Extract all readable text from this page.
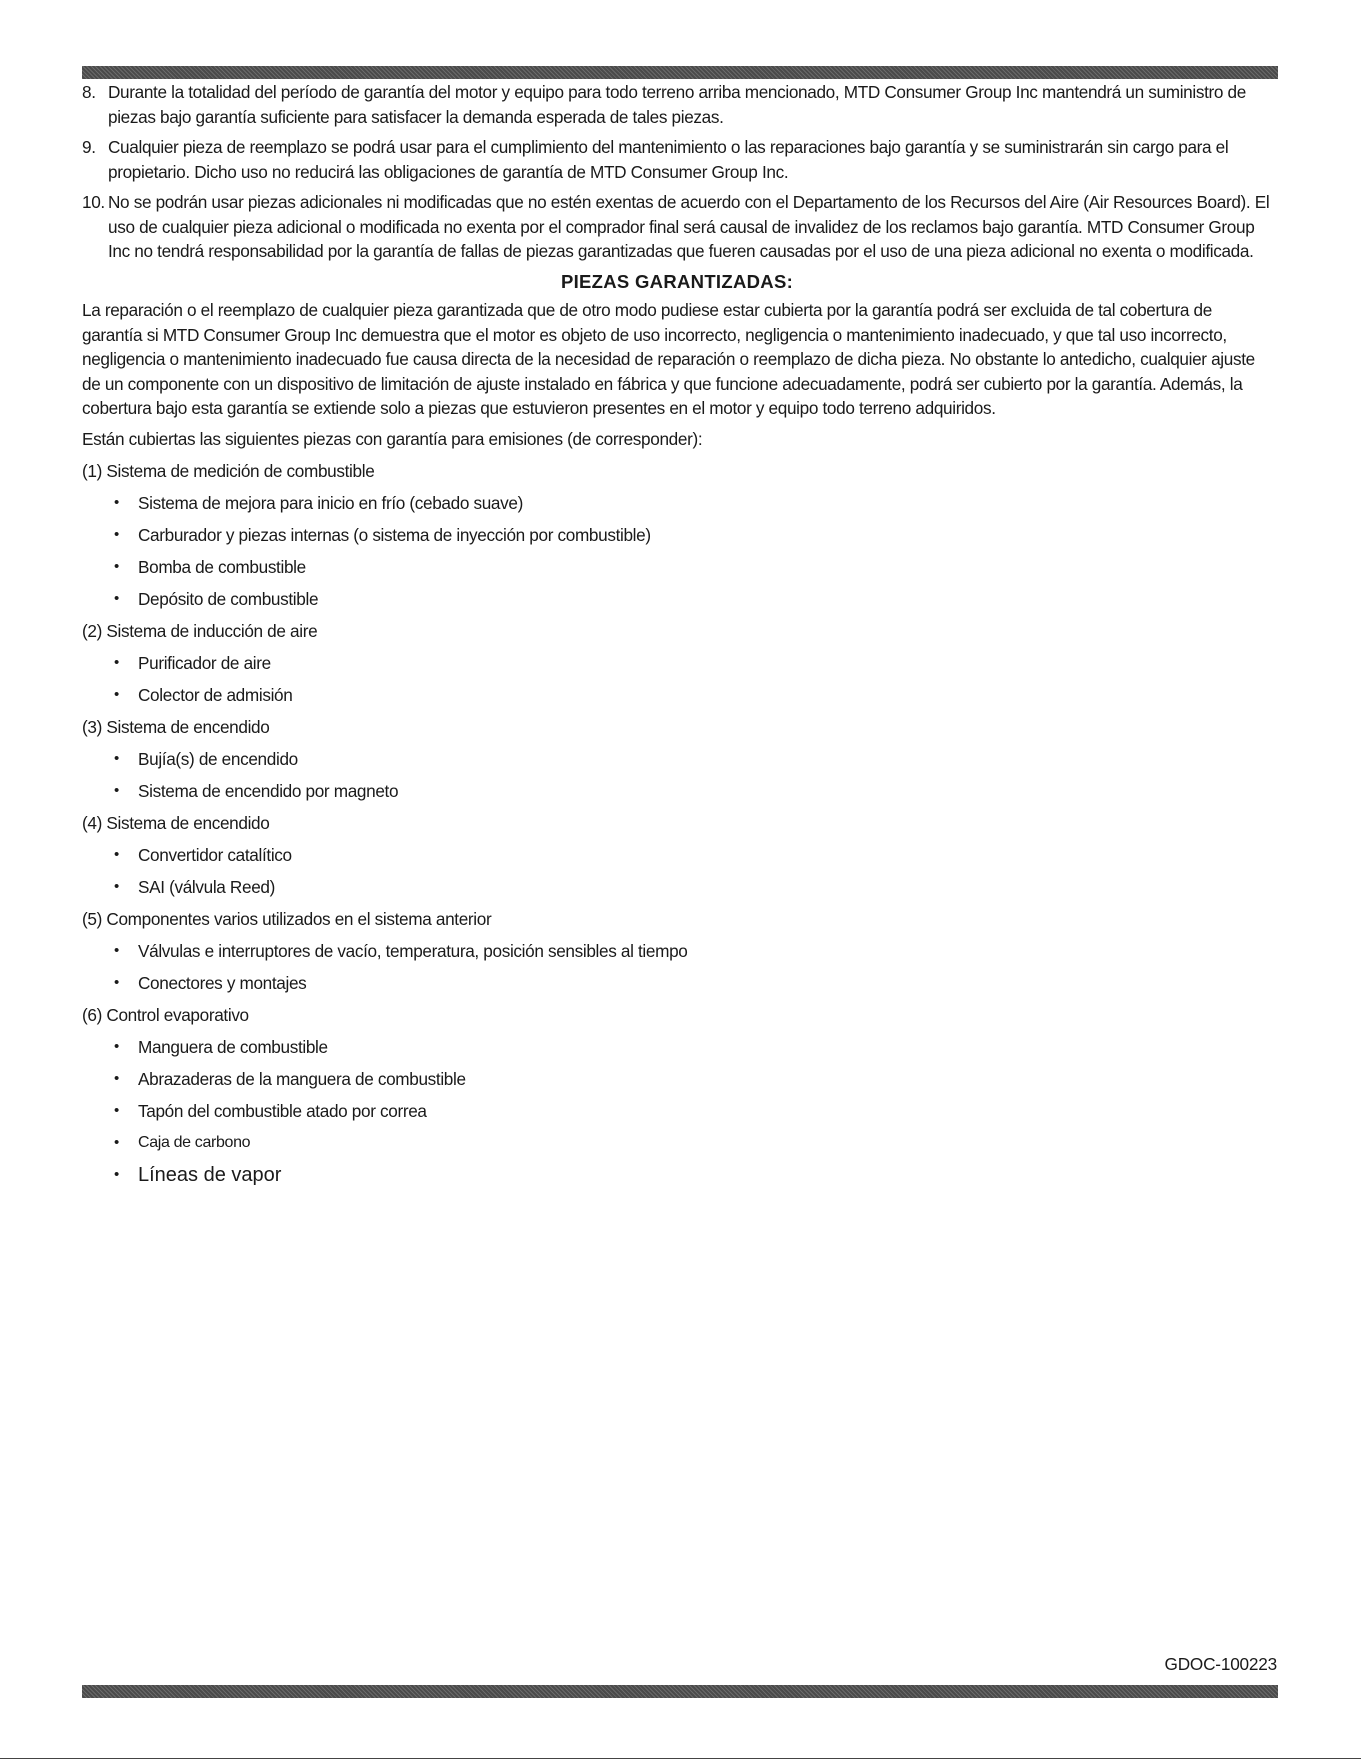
8. Durante la totalidad del período de garantía del motor y equipo para todo terreno arriba mencionado, MTD Consumer Group Inc mantendrá un suministro de piezas bajo garantía suficiente para satisfacer la demanda esperada de tales piezas.
9. Cualquier pieza de reemplazo se podrá usar para el cumplimiento del mantenimiento o las reparaciones bajo garantía y se suministrarán sin cargo para el propietario. Dicho uso no reducirá las obligaciones de garantía de MTD Consumer Group Inc.
10. No se podrán usar piezas adicionales ni modificadas que no estén exentas de acuerdo con el Departamento de los Recursos del Aire (Air Resources Board). El uso de cualquier pieza adicional o modificada no exenta por el comprador final será causal de invalidez de los reclamos bajo garantía. MTD Consumer Group Inc no tendrá responsabilidad por la garantía de fallas de piezas garantizadas que fueren causadas por el uso de una pieza adicional no exenta o modificada.
PIEZAS GARANTIZADAS:
La reparación o el reemplazo de cualquier pieza garantizada que de otro modo pudiese estar cubierta por la garantía podrá ser excluida de tal cobertura de garantía si MTD Consumer Group Inc demuestra que el motor es objeto de uso incorrecto, negligencia o mantenimiento inadecuado, y que tal uso incorrecto, negligencia o mantenimiento inadecuado fue causa directa de la necesidad de reparación o reemplazo de dicha pieza. No obstante lo antedicho, cualquier ajuste de un componente con un dispositivo de limitación de ajuste instalado en fábrica y que funcione adecuadamente, podrá ser cubierto por la garantía. Además, la cobertura bajo esta garantía se extiende solo a piezas que estuvieron presentes en el motor y equipo todo terreno adquiridos.
Están cubiertas las siguientes piezas con garantía para emisiones (de corresponder):
(1) Sistema de medición de combustible
• Sistema de mejora para inicio en frío (cebado suave)
• Carburador y piezas internas (o sistema de inyección por combustible)
• Bomba de combustible
• Depósito de combustible
(2) Sistema de inducción de aire
• Purificador de aire
• Colector de admisión
(3) Sistema de encendido
• Bujía(s) de encendido
• Sistema de encendido por magneto
(4) Sistema de encendido
• Convertidor catalítico
• SAI (válvula Reed)
(5) Componentes varios utilizados en el sistema anterior
• Válvulas e interruptores de vacío, temperatura, posición sensibles al tiempo
• Conectores y montajes
(6) Control evaporativo
• Manguera de combustible
• Abrazaderas de la manguera de combustible
• Tapón del combustible atado por correa
• Caja de carbono
• Líneas de vapor
GDOC-100223
